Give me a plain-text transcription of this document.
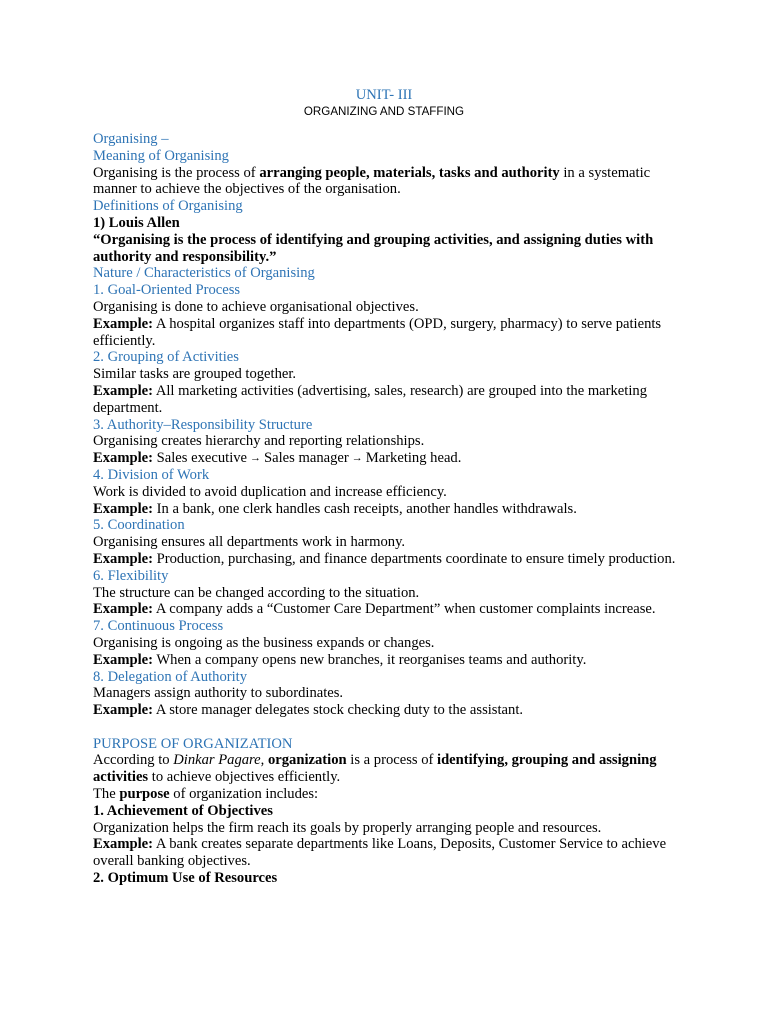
UNIT- III
ORGANIZING AND STAFFING

Organising –

Meaning of Organising

Organising is the process of arranging people, materials, tasks and authority in a systematic manner to achieve the objectives of the organisation.

Definitions of Organising

1) Louis Allen

“Organising is the process of identifying and grouping activities, and assigning duties with authority and responsibility.”

Nature / Characteristics of Organising

1. Goal-Oriented Process

Organising is done to achieve organisational objectives.

Example: A hospital organizes staff into departments (OPD, surgery, pharmacy) to serve patients efficiently.

2. Grouping of Activities

Similar tasks are grouped together.

Example: All marketing activities (advertising, sales, research) are grouped into the marketing department.

3. Authority–Responsibility Structure

Organising creates hierarchy and reporting relationships.

Example: Sales executive → Sales manager → Marketing head.

4. Division of Work

Work is divided to avoid duplication and increase efficiency.

Example: In a bank, one clerk handles cash receipts, another handles withdrawals.

5. Coordination

Organising ensures all departments work in harmony.

Example: Production, purchasing, and finance departments coordinate to ensure timely production.

6. Flexibility

The structure can be changed according to the situation.

Example: A company adds a “Customer Care Department” when customer complaints increase.

7. Continuous Process

Organising is ongoing as the business expands or changes.

Example: When a company opens new branches, it reorganises teams and authority.

8. Delegation of Authority

Managers assign authority to subordinates.

Example: A store manager delegates stock checking duty to the assistant.

PURPOSE OF ORGANIZATION

According to Dinkar Pagare, organization is a process of identifying, grouping and assigning activities to achieve objectives efficiently.

The purpose of organization includes:

1. Achievement of Objectives

Organization helps the firm reach its goals by properly arranging people and resources.

Example: A bank creates separate departments like Loans, Deposits, Customer Service to achieve overall banking objectives.

2. Optimum Use of Resources
